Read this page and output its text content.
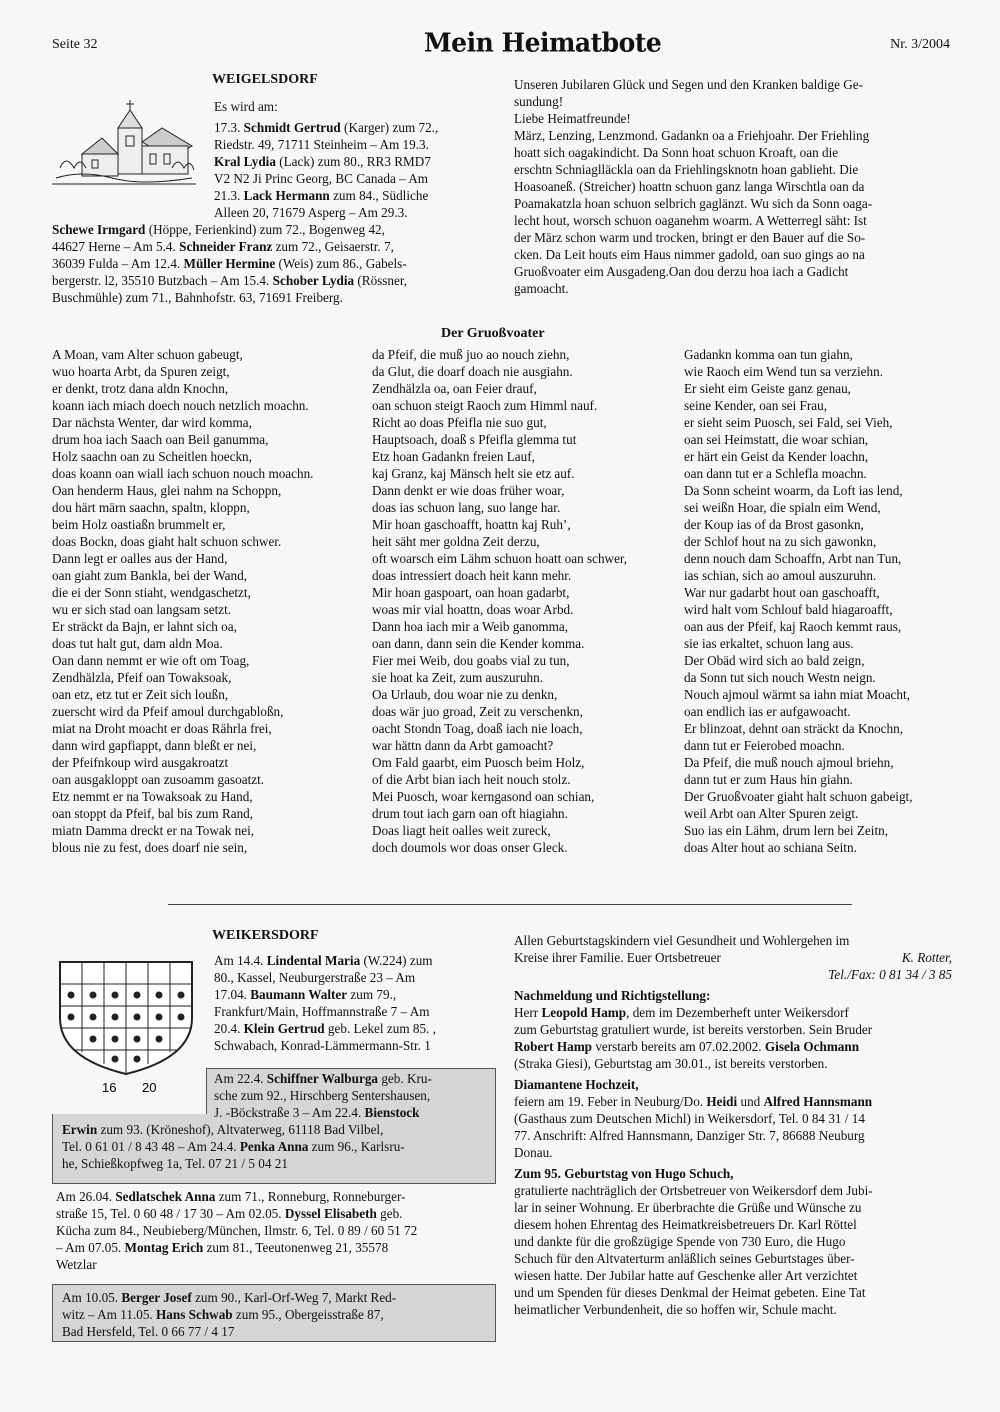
Seite 32	Mein Heimatbote	Nr. 3/2004
WEIGELSDORF
Es wird am:
17.3. Schmidt Gertrud (Karger) zum 72.,
Riedstr. 49, 71711 Steinheim – Am 19.3.
Kral Lydia (Lack) zum 80., RR3 RMD7
V2 N2 Ji Princ Georg, BC Canada – Am
21.3. Lack Hermann zum 84., Südliche
Alleen 20, 71679 Asperg – Am 29.3.
Schewe Irmgard (Höppe, Ferienkind) zum 72., Bogenweg 42,
44627 Herne – Am 5.4. Schneider Franz zum 72., Geisaerstr. 7,
36039 Fulda – Am 12.4. Müller Hermine (Weis) zum 86., Gabels-
bergerstr. l2, 35510 Butzbach – Am 15.4. Schober Lydia (Rössner,
Buschmühle) zum 71., Bahnhofstr. 63, 71691 Freiberg.
Unseren Jubilaren Glück und Segen und den Kranken baldige Ge-
sundung!
Liebe Heimatfreunde!
März, Lenzing, Lenzmond. Gadankn oa a Friehjoahr. Der Friehling
hoatt sich oagakindicht. Da Sonn hoat schuon Kroaft, oan die
erschtn Schniaglläckla oan da Friehlingsknotn hoan gablieht. Die
Hoasoaneß. (Streicher) hoattn schuon ganz langa Wirschtla oan da
Poamakatzla hoan schuon selbrich gaglänzt. Wu sich da Sonn oaga-
lecht hout, worsch schuon oaganehm woarm. A Wetterregl säht: Ist
der März schon warm und trocken, bringt er den Bauer auf die So-
cken. Da Leit houts eim Haus nimmer gadold, oan suo gings ao na
Gruoßvoater eim Ausgadeng.Oan dou derzu hoa iach a Gadicht
gamoacht.
Der Gruoßvoater
A Moan, vam Alter schuon gabeugt,
wuo hoarta Arbt, da Spuren zeigt,
er denkt, trotz dana aldn Knochn,
koann iach miach doech nouch netzlich moachn.
Dar nächsta Wenter, dar wird komma,
drum hoa iach Saach oan Beil ganumma,
Holz saachn oan zu Scheitlen hoeckn,
doas koann oan wiall iach schuon nouch moachn.
Oan henderm Haus, glei nahm na Schoppn,
dou härt märn saachn, spaltn, kloppn,
beim Holz oastiaßn brummelt er,
doas Bockn, doas giaht halt schuon schwer.
Dann legt er oalles aus der Hand,
oan giaht zum Bankla, bei der Wand,
die ei der Sonn stiaht, wendgaschetzt,
wu er sich stad oan langsam setzt.
Er sträckt da Bajn, er lahnt sich oa,
doas tut halt gut, dam aldn Moa.
Oan dann nemmt er wie oft om Toag,
Zendhälzla, Pfeif oan Towaksoak,
oan etz, etz tut er Zeit sich loußn,
zuerscht wird da Pfeif amoul durchgabloßn,
miat na Droht moacht er doas Rährla frei,
dann wird gapfiappt, dann bleßt er nei,
der Pfeifnkoup wird ausgakroatzt
oan ausgakloppt oan zusoamm gasoatzt.
Etz nemmt er na Towaksoak zu Hand,
oan stoppt da Pfeif, bal bis zum Rand,
miatn Damma dreckt er na Towak nei,
blous nie zu fest, does doarf nie sein,
da Pfeif, die muß juo ao nouch ziehn,
da Glut, die doarf doach nie ausgiahn.
Zendhälzla oa, oan Feier drauf,
oan schuon steigt Raoch zum Himml nauf.
Richt ao doas Pfeifla nie suo gut,
Hauptsoach, doaß s Pfeifla glemma tut
Etz hoan Gadankn freien Lauf,
kaj Granz, kaj Mänsch helt sie etz auf.
Dann denkt er wie doas früher woar,
doas ias schuon lang, suo lange har.
Mir hoan gaschoafft, hoattn kaj Ruh’,
heit säht mer goldna Zeit derzu,
oft woarsch eim Lähm schuon hoatt oan schwer,
doas intressiert doach heit kann mehr.
Mir hoan gaspoart, oan hoan gadarbt,
woas mir vial hoattn, doas woar Arbd.
Dann hoa iach mir a Weib ganomma,
oan dann, dann sein die Kender komma.
Fier mei Weib, dou goabs vial zu tun,
sie hoat ka Zeit, zum auszuruhn.
Oa Urlaub, dou woar nie zu denkn,
doas wär juo groad, Zeit zu verschenkn,
oacht Stondn Toag, doaß iach nie loach,
war hättn dann da Arbt gamoacht?
Om Fald gaarbt, eim Puosch beim Holz,
of die Arbt bian iach heit nouch stolz.
Mei Puosch, woar kerngasond oan schian,
drum tout iach garn oan oft hiagiahn.
Doas liagt heit oalles weit zureck,
doch doumols wor doas onser Gleck.
Gadankn komma oan tun giahn,
wie Raoch eim Wend tun sa verziehn.
Er sieht eim Geiste ganz genau,
seine Kender, oan sei Frau,
er sieht seim Puosch, sei Fald, sei Vieh,
oan sei Heimstatt, die woar schian,
er härt ein Geist da Kender loachn,
oan dann tut er a Schlefla moachn.
Da Sonn scheint woarm, da Loft ias lend,
sei weißn Hoar, die spialn eim Wend,
der Koup ias of da Brost gasonkn,
der Schlof hout na zu sich gawonkn,
denn nouch dam Schoaffn, Arbt nan Tun,
ias schian, sich ao amoul auszuruhn.
War nur gadarbt hout oan gaschoafft,
wird halt vom Schlouf bald hiagaroafft,
oan aus der Pfeif, kaj Raoch kemmt raus,
sie ias erkaltet, schuon lang aus.
Der Obäd wird sich ao bald zeign,
da Sonn tut sich nouch Westn neign.
Nouch ajmoul wärmt sa iahn miat Moacht,
oan endlich ias er aufgawoacht.
Er blinzoat, dehnt oan sträckt da Knochn,
dann tut er Feierobed moachn.
Da Pfeif, die muß nouch ajmoul briehn,
dann tut er zum Haus hin giahn.
Der Gruoßvoater giaht halt schuon gabeigt,
weil Arbt oan Alter Spuren zeigt.
Suo ias ein Lähm, drum lern bei Zeitn,
doas Alter hout ao schiana Seitn.
WEIKERSDORF
16 20
Am 14.4. Lindental Maria (W.224) zum
80., Kassel, Neuburgerstraße 23 – Am
17.04. Baumann Walter zum 79.,
Frankfurt/Main, Hoffmannstraße 7 – Am
20.4. Klein Gertrud geb. Lekel zum 85. ,
Schwabach, Konrad-Lämmermann-Str. 1
Am 22.4. Schiffner Walburga geb. Kru-
sche zum 92., Hirschberg Sentershausen,
J. -Böckstraße 3 – Am 22.4. Bienstock
Erwin zum 93. (Kröneshof), Altvaterweg, 61118 Bad Vilbel,
Tel. 0 61 01 / 8 43 48 – Am 24.4. Penka Anna zum 96., Karlsru-
he, Schießkopfweg 1a, Tel. 07 21 / 5 04 21
Am 26.04. Sedlatschek Anna zum 71., Ronneburg, Ronneburger-
straße 15, Tel. 0 60 48 / 17 30 – Am 02.05. Dyssel Elisabeth geb.
Kücha zum 84., Neubieberg/München, Ilmstr. 6, Tel. 0 89 / 60 51 72
– Am 07.05. Montag Erich zum 81., Teeutonenweg 21, 35578
Wetzlar
Am 10.05. Berger Josef zum 90., Karl-Orf-Weg 7, Markt Red-
witz – Am 11.05. Hans Schwab zum 95., Obergeisstraße 87,
Bad Hersfeld, Tel. 0 66 77 / 4 17
Allen Geburtstagskindern viel Gesundheit und Wohlergehen im
Kreise ihrer Familie. Euer Ortsbetreuer	K. Rotter,
Tel./Fax: 0 81 34 / 3 85
Nachmeldung und Richtigstellung:
Herr Leopold Hamp, dem im Dezemberheft unter Weikersdorf
zum Geburtstag gratuliert wurde, ist bereits verstorben. Sein Bruder
Robert Hamp verstarb bereits am 07.02.2002. Gisela Ochmann
(Straka Giesi), Geburtstag am 30.01., ist bereits verstorben.
Diamantene Hochzeit,
feiern am 19. Feber in Neuburg/Do. Heidi und Alfred Hannsmann
(Gasthaus zum Deutschen Michl) in Weikersdorf, Tel. 0 84 31 / 14
77. Anschrift: Alfred Hannsmann, Danziger Str. 7, 86688 Neuburg
Donau.
Zum 95. Geburtstag von Hugo Schuch,
gratulierte nachträglich der Ortsbetreuer von Weikersdorf dem Jubi-
lar in seiner Wohnung. Er überbrachte die Grüße und Wünsche zu
diesem hohen Ehrentag des Heimatkreisbetreuers Dr. Karl Röttel
und dankte für die großzügige Spende von 730 Euro, die Hugo
Schuch für den Altvaterturm anläßlich seines Geburtstages über-
wiesen hatte. Der Jubilar hatte auf Geschenke aller Art verzichtet
und um Spenden für dieses Denkmal der Heimat gebeten. Eine Tat
heimatlicher Verbundenheit, die so hoffen wir, Schule macht.
